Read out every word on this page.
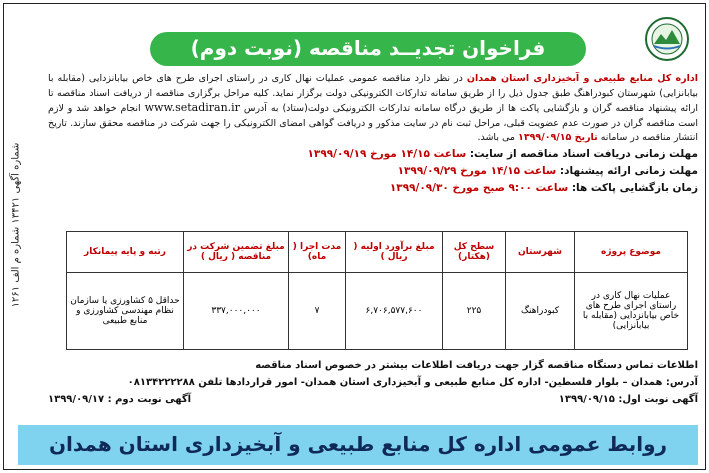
شماره آگهی ۱۳۴۲۱ شماره م الف ۱۲۶۱
فراخوان تجدیــد مناقصه (نوبت دوم)
اداره کل منابع طبیعی و آبخیزداری استان همدان در نظر دارد مناقصه عمومی عملیات نهال کاری در راستای اجرای طرح های خاص بیابانزدایی (مقابله با بیابانزایی) شهرستان کبودراهنگ طبق جدول ذیل را از طریق سامانه تدارکات الکترونیکی دولت برگزار نماید. کلیه مراحل برگزاری مناقصه از دریافت اسناد مناقصه تا ارائه پیشنهاد مناقصه گران و بازگشایی پاکت ها از طریق درگاه سامانه تدارکات الکترونیکی دولت(ستاد) به آدرس www.setadiran.ir انجام خواهد شد و لازم است مناقصه گران در صورت عدم عضویت قبلی، مراحل ثبت نام در سایت مذکور و دریافت گواهی امضای الکترونیکی را جهت شرکت در مناقصه محقق سازند. تاریخ انتشار مناقصه در سامانه تاریخ ۱۳۹۹/۰۹/۱۵ می باشد.
مهلت زمانی دریافت اسناد مناقصه از سایت: ساعت ۱۴/۱۵ مورخ ۱۳۹۹/۰۹/۱۹
مهلت زمانی ارائه پیشنهاد: ساعت ۱۴/۱۵ مورخ ۱۳۹۹/۰۹/۲۹
زمان بازگشایی پاکت ها: ساعت ۹:۰۰ صبح مورخ ۱۳۹۹/۰۹/۳۰
موضوع پروژه	شهرستان	سطح کل (هکتار)	مبلغ برآورد اولیه ( ریال )	مدت اجرا ( ماه)	مبلغ تضمین شرکت در مناقصه ( ریال )	رتبه و پایه پیمانکار
عملیات نهال کاری در راستای اجرای طرح های خاص بیابانزدایی (مقابله با بیابانزایی)	کبودراهنگ	۲۲۵	۶,۷۰۶,۵۷۷,۶۰۰	۷	۳۳۷,۰۰۰,۰۰۰	حداقل ۵ کشاورزی یا سازمان نظام مهندسی کشاورزی و منابع طبیعی
اطلاعات تماس دستگاه مناقصه گزار جهت دریافت اطلاعات بیشتر در خصوص اسناد مناقصه
آدرس: همدان – بلوار فلسطین- اداره کل منابع طبیعی و آبخیزداری استان همدان- امور قراردادها تلفن ۰۸۱۳۴۲۲۲۲۸۸
آگهی نوبت اول: ۱۳۹۹/۰۹/۱۵
آگهی نوبت دوم : ۱۳۹۹/۰۹/۱۷
روابط عمومی اداره کل منابع طبیعی و آبخیزداری استان همدان
